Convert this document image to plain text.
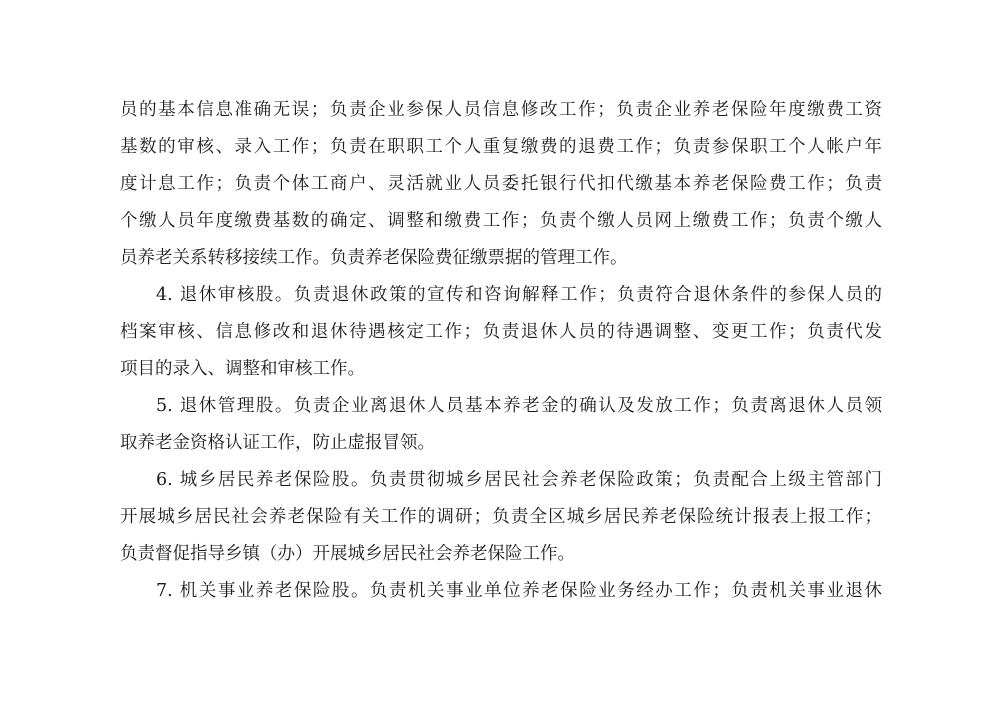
员的基本信息准确无误；负责企业参保人员信息修改工作；负责企业养老保险年度缴费工资
基数的审核、录入工作；负责在职职工个人重复缴费的退费工作；负责参保职工个人帐户年
度计息工作；负责个体工商户、灵活就业人员委托银行代扣代缴基本养老保险费工作；负责
个缴人员年度缴费基数的确定、调整和缴费工作；负责个缴人员网上缴费工作；负责个缴人
员养老关系转移接续工作。负责养老保险费征缴票据的管理工作。
4. 退休审核股。负责退休政策的宣传和咨询解释工作；负责符合退休条件的参保人员的
档案审核、信息修改和退休待遇核定工作；负责退休人员的待遇调整、变更工作；负责代发
项目的录入、调整和审核工作。
5. 退休管理股。负责企业离退休人员基本养老金的确认及发放工作；负责离退休人员领
取养老金资格认证工作，防止虚报冒领。
6. 城乡居民养老保险股。负责贯彻城乡居民社会养老保险政策；负责配合上级主管部门
开展城乡居民社会养老保险有关工作的调研；负责全区城乡居民养老保险统计报表上报工作；
负责督促指导乡镇（办）开展城乡居民社会养老保险工作。
7. 机关事业养老保险股。负责机关事业单位养老保险业务经办工作；负责机关事业退休
